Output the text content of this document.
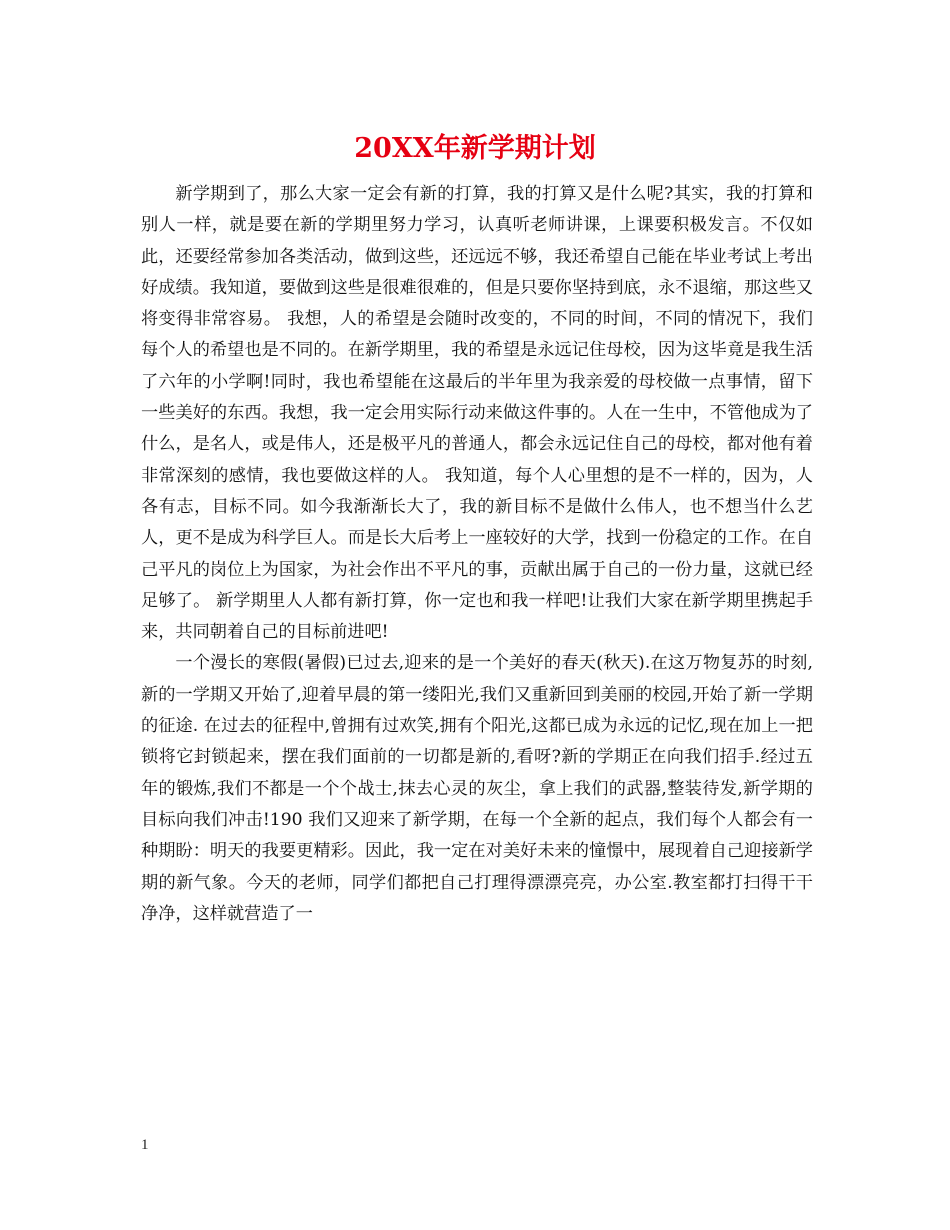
20XX年新学期计划

新学期到了，那么大家一定会有新的打算，我的打算又是什么呢?其实，我的打算和别人一样，就是要在新的学期里努力学习，认真听老师讲课，上课要积极发言。不仅如此，还要经常参加各类活动，做到这些，还远远不够，我还希望自己能在毕业考试上考出好成绩。我知道，要做到这些是很难很难的，但是只要你坚持到底，永不退缩，那这些又将变得非常容易。 我想，人的希望是会随时改变的，不同的时间，不同的情况下，我们每个人的希望也是不同的。在新学期里，我的希望是永远记住母校，因为这毕竟是我生活了六年的小学啊!同时，我也希望能在这最后的半年里为我亲爱的母校做一点事情，留下一些美好的东西。我想，我一定会用实际行动来做这件事的。人在一生中，不管他成为了什么，是名人，或是伟人，还是极平凡的普通人，都会永远记住自己的母校，都对他有着非常深刻的感情，我也要做这样的人。 我知道，每个人心里想的是不一样的，因为，人各有志，目标不同。如今我渐渐长大了，我的新目标不是做什么伟人，也不想当什么艺人，更不是成为科学巨人。而是长大后考上一座较好的大学，找到一份稳定的工作。在自己平凡的岗位上为国家，为社会作出不平凡的事，贡献出属于自己的一份力量，这就已经足够了。 新学期里人人都有新打算，你一定也和我一样吧!让我们大家在新学期里携起手来，共同朝着自己的目标前进吧!

一个漫长的寒假(暑假)已过去,迎来的是一个美好的春天(秋天).在这万物复苏的时刻,新的一学期又开始了,迎着早晨的第一缕阳光,我们又重新回到美丽的校园,开始了新一学期的征途. 在过去的征程中,曾拥有过欢笑,拥有个阳光,这都已成为永远的记忆,现在加上一把锁将它封锁起来，摆在我们面前的一切都是新的,看呀?新的学期正在向我们招手.经过五年的锻炼,我们不都是一个个战士,抹去心灵的灰尘，拿上我们的武器,整装待发,新学期的目标向我们冲击!190 我们又迎来了新学期，在每一个全新的起点，我们每个人都会有一种期盼：明天的我要更精彩。因此，我一定在对美好未来的憧憬中，展现着自己迎接新学期的新气象。今天的老师，同学们都把自己打理得漂漂亮亮，办公室.教室都打扫得干干净净，这样就营造了一

1
